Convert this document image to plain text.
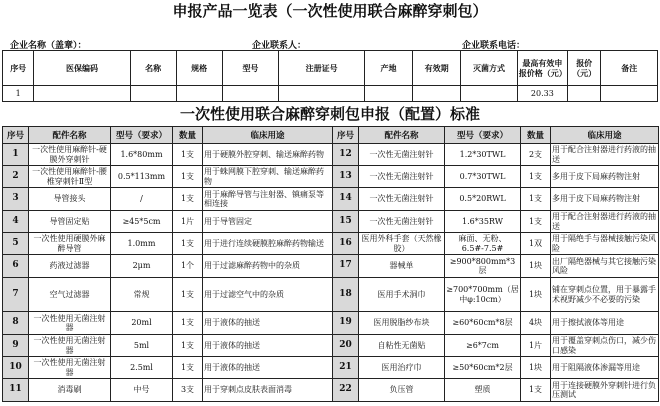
申报产品一览表（一次性使用联合麻醉穿刺包）
企业名称（盖章）：	企业联系人：	企业联系电话：
序号	医保编码	名称	规格	型号	注册证号	产地	有效期	灭菌方式	最高有效申报价格（元）	报价（元）	备注
1									20.33		
一次性使用联合麻醉穿刺包申报（配置）标准
序号	配件名称	型号（要求）	数量	临床用途	序号	配件名称	型号（要求）	数量	临床用途
1	一次性使用麻醉针-硬膜外穿刺针	1.6*80mm	1支	用于硬膜外腔穿刺、输送麻醉药物	12	一次性无菌注射针	1.2*30TWL	2支	用于配合注射器进行药液的抽送
2	一次性使用麻醉针-腰椎穿刺针Ⅱ型	0.5*113mm	1支	用于蛛网膜下腔穿刺、输送麻醉药物	13	一次性无菌注射针	0.7*30TWL	1支	多用于皮下局麻药物注射
3	导管接头	/	1支	用于麻醉导管与注射器、镇痛泵等相连接	14	一次性无菌注射针	0.5*20RWL	1支	多用于皮下局麻药物注射
4	导管固定贴	≥45*5cm	1片	用于导管固定	15	一次性无菌注射针	1.6*35RW	1支	用于配合注射器进行药液的抽送
5	一次性使用硬膜外麻醉导管	1.0mm	1支	用于进行连续硬膜腔麻醉药物输送	16	医用外科手套（天然橡胶）	麻面、无粉、6.5#-7.5#	1双	用于隔绝手与器械接触污染风险
6	药液过滤器	2μm	1个	用于过滤麻醉药物中的杂质	17	器械单	≥900*800mm*3层	1块	出厂隔绝器械与其它接触污染风险
7	空气过滤器	常规	1支	用于过滤空气中的杂质	18	医用手术洞巾	≥700*700mm（居中φ:10cm）	1块	铺在穿刺点位置，用于暴露手术视野减少不必要的污染
8	一次性使用无菌注射器	20ml	1支	用于液体的抽送	19	医用脱脂纱布块	≥60*60cm*8层	4块	用于擦拭液体等用途
9	一次性使用无菌注射器	5ml	1支	用于液体的抽送	20	自粘性无菌贴	≥6*7cm	1片	用于覆盖穿刺点伤口，减少伤口感染
10	一次性使用无菌注射器	2.5ml	1支	用于液体的抽送	21	医用治疗巾	≥50*60cm*2层	1块	用于阻隔液体渗漏等用途
11	消毒刷	中号	3支	用于穿刺点皮肤表面消毒	22	负压管	塑质	1支	用于连接硬膜外穿刺针进行负压测试
